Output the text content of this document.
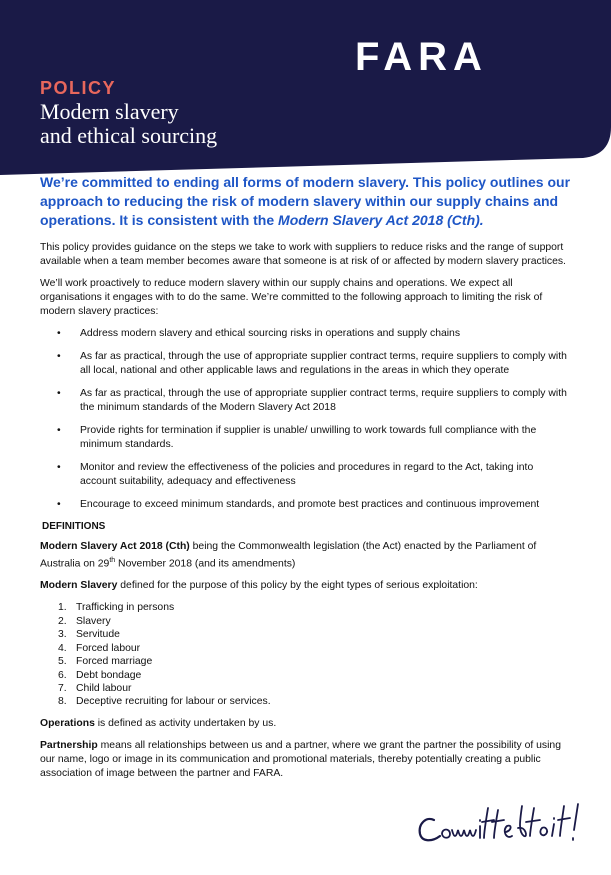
FARA
POLICY
Modern slavery
and ethical sourcing
We’re committed to ending all forms of modern slavery. This policy outlines our approach to reducing the risk of modern slavery within our supply chains and operations. It is consistent with the Modern Slavery Act 2018 (Cth).

This policy provides guidance on the steps we take to work with suppliers to reduce risks and the range of support available when a team member becomes aware that someone is at risk of or affected by modern slavery practices.

We’ll work proactively to reduce modern slavery within our supply chains and operations. We expect all organisations it engages with to do the same. We’re committed to the following approach to limiting the risk of modern slavery practices:

• Address modern slavery and ethical sourcing risks in operations and supply chains
• As far as practical, through the use of appropriate supplier contract terms, require suppliers to comply with all local, national and other applicable laws and regulations in the areas in which they operate
• As far as practical, through the use of appropriate supplier contract terms, require suppliers to comply with the minimum standards of the Modern Slavery Act 2018
• Provide rights for termination if supplier is unable/ unwilling to work towards full compliance with the minimum standards.
• Monitor and review the effectiveness of the policies and procedures in regard to the Act, taking into account suitability, adequacy and effectiveness
• Encourage to exceed minimum standards, and promote best practices and continuous improvement
DEFINITIONS

Modern Slavery Act 2018 (Cth) being the Commonwealth legislation (the Act) enacted by the Parliament of Australia on 29th November 2018 (and its amendments)

Modern Slavery defined for the purpose of this policy by the eight types of serious exploitation:

1. Trafficking in persons
2. Slavery
3. Servitude
4. Forced labour
5. Forced marriage
6. Debt bondage
7. Child labour
8. Deceptive recruiting for labour or services.

Operations is defined as activity undertaken by us.

Partnership means all relationships between us and a partner, where we grant the partner the possibility of using our name, logo or image in its communication and promotional materials, thereby potentially creating a public association of image between the partner and FARA.
